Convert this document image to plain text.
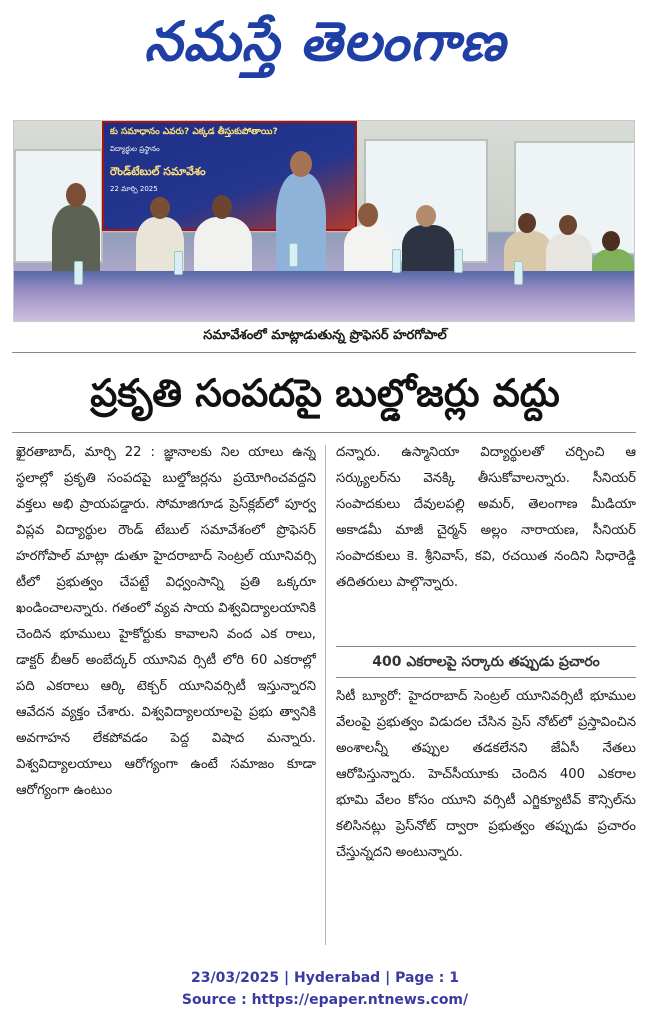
నమస్తే తెలంగాణ
కు సమాధానం ఎవరు? ఎక్కడ తీస్తుకుపోతాయి?
విద్యార్థుల ప్రస్థానం
రౌండ్‌టేబుల్ సమావేశం
22 మార్చి 2025
సమావేశంలో మాట్లాడుతున్న ప్రొఫెసర్ హరగోపాల్
ప్రకృతి సంపదపై బుల్డోజర్లు వద్దు

ఖైరతాబాద్, మార్చి 22 : జ్ఞానాలకు నిల యాలు ఉన్న స్థలాల్లో ప్రకృతి సంపదపై బుల్డోజర్లను ప్రయోగించవద్దని వక్తలు అభి ప్రాయపడ్డారు. సోమాజిగూడ ప్రెస్‌క్లబ్‌లో పూర్వ విప్లవ విద్యార్థుల రౌండ్ టేబుల్ సమావేశంలో ప్రొఫెసర్ హరగోపాల్ మాట్లా డుతూ హైదరాబాద్ సెంట్రల్ యూనివర్సి టీలో ప్రభుత్వం చేపట్టే విధ్వంసాన్ని ప్రతి ఒక్కరూ ఖండించాలన్నారు. గతంలో వ్యవ సాయ విశ్వవిద్యాలయానికి చెందిన భూములు హైకోర్టుకు కావాలని వంద ఎక రాలు, డాక్టర్ బీఆర్ అంబేద్కర్ యూనివ ర్సిటీ లోరి 60 ఎకరాల్లో పది ఎకరాలు ఆర్కి టెక్చర్ యూనివర్సిటీ ఇస్తున్నారని ఆవేదన వ్యక్తం చేశారు. విశ్వవిద్యాలయాలపై ప్రభు త్వానికి అవగాహన లేకపోవడం పెద్ద విషాద మన్నారు. విశ్వవిద్యాలయాలు ఆరోగ్యంగా ఉంటే సమాజం కూడా ఆరోగ్యంగా ఉంటుం

దన్నారు. ఉస్మానియా విద్యార్థులతో చర్చించి ఆ సర్క్యులర్‌ను వెనక్కి తీసుకోవాలన్నారు. సీనియర్ సంపాదకులు దేవులపల్లి అమర్, తెలంగాణ మీడియా అకాడమీ మాజీ చైర్మన్ అల్లం నారాయణ, సీనియర్ సంపాదకులు కె. శ్రీనివాస్, కవి, రచయిత నందిని సిధారెడ్డి తదితరులు పాల్గొన్నారు.

400 ఎకరాలపై సర్కారు తప్పుడు ప్రచారం

సిటీ బ్యూరో: హైదరాబాద్ సెంట్రల్ యూనివర్సిటీ భూముల వేలంపై ప్రభుత్వం విడుదల చేసిన ప్రెస్ నోట్‌లో ప్రస్తావించిన అంశాలన్నీ తప్పుల తడకలేనని జేఏసీ నేతలు ఆరోపిస్తున్నారు. హెచ్‌సీయూకు చెందిన 400 ఎకరాల భూమి వేలం కోసం యూని వర్సిటీ ఎగ్జిక్యూటివ్ కౌన్సిల్‌ను కలిసినట్లు ప్రెస్‌నోట్ ద్వారా ప్రభుత్వం తప్పుడు ప్రచారం చేస్తున్నదని అంటున్నారు.

23/03/2025 | Hyderabad | Page : 1
Source : https://epaper.ntnews.com/
